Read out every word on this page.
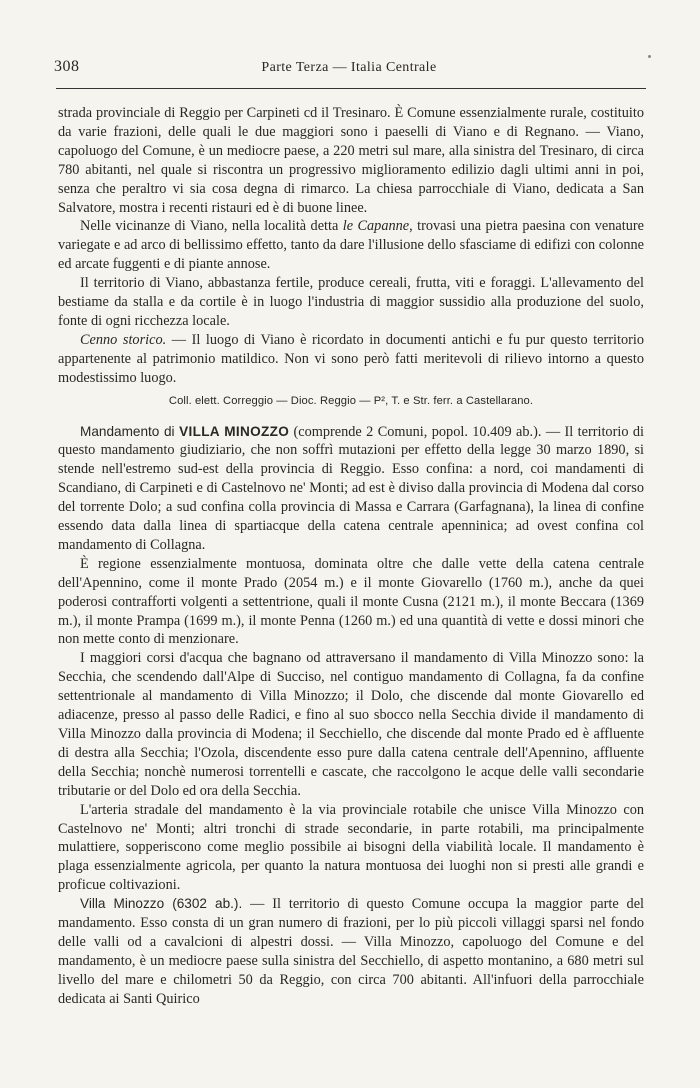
308	Parte Terza — Italia Centrale

strada provinciale di Reggio per Carpineti cd il Tresinaro. È Comune essenzialmente rurale, costituito da varie frazioni, delle quali le due maggiori sono i paeselli di Viano e di Regnano. — Viano, capoluogo del Comune, è un mediocre paese, a 220 metri sul mare, alla sinistra del Tresinaro, di circa 780 abitanti, nel quale si riscontra un progressivo miglioramento edilizio dagli ultimi anni in poi, senza che peraltro vi sia cosa degna di rimarco. La chiesa parrocchiale di Viano, dedicata a San Salvatore, mostra i recenti ristauri ed è di buone linee.

Nelle vicinanze di Viano, nella località detta le Capanne, trovasi una pietra paesina con venature variegate e ad arco di bellissimo effetto, tanto da dare l'illusione dello sfasciame di edifizi con colonne ed arcate fuggenti e di piante annose.

Il territorio di Viano, abbastanza fertile, produce cereali, frutta, viti e foraggi. L'allevamento del bestiame da stalla e da cortile è in luogo l'industria di maggior sussidio alla produzione del suolo, fonte di ogni ricchezza locale.

Cenno storico. — Il luogo di Viano è ricordato in documenti antichi e fu pur questo territorio appartenente al patrimonio matildico. Non vi sono però fatti meritevoli di rilievo intorno a questo modestissimo luogo.

Coll. elett. Correggio — Dioc. Reggio — P², T. e Str. ferr. a Castellarano.

Mandamento di VILLA MINOZZO (comprende 2 Comuni, popol. 10.409 ab.). — Il territorio di questo mandamento giudiziario, che non soffrì mutazioni per effetto della legge 30 marzo 1890, si stende nell'estremo sud-est della provincia di Reggio. Esso confina: a nord, coi mandamenti di Scandiano, di Carpineti e di Castelnovo ne' Monti; ad est è diviso dalla provincia di Modena dal corso del torrente Dolo; a sud confina colla provincia di Massa e Carrara (Garfagnana), la linea di confine essendo data dalla linea di spartiacque della catena centrale apenninica; ad ovest confina col mandamento di Collagna.

È regione essenzialmente montuosa, dominata oltre che dalle vette della catena centrale dell'Apennino, come il monte Prado (2054 m.) e il monte Giovarello (1760 m.), anche da quei poderosi contrafforti volgenti a settentrione, quali il monte Cusna (2121 m.), il monte Beccara (1369 m.), il monte Prampa (1699 m.), il monte Penna (1260 m.) ed una quantità di vette e dossi minori che non mette conto di menzionare.

I maggiori corsi d'acqua che bagnano od attraversano il mandamento di Villa Minozzo sono: la Secchia, che scendendo dall'Alpe di Succiso, nel contiguo mandamento di Collagna, fa da confine settentrionale al mandamento di Villa Minozzo; il Dolo, che discende dal monte Giovarello ed adiacenze, presso al passo delle Radici, e fino al suo sbocco nella Secchia divide il mandamento di Villa Minozzo dalla provincia di Modena; il Secchiello, che discende dal monte Prado ed è affluente di destra alla Secchia; l'Ozola, discendente esso pure dalla catena centrale dell'Apennino, affluente della Secchia; nonchè numerosi torrentelli e cascate, che raccolgono le acque delle valli secondarie tributarie or del Dolo ed ora della Secchia.

L'arteria stradale del mandamento è la via provinciale rotabile che unisce Villa Minozzo con Castelnovo ne' Monti; altri tronchi di strade secondarie, in parte rotabili, ma principalmente mulattiere, sopperiscono come meglio possibile ai bisogni della viabilità locale. Il mandamento è plaga essenzialmente agricola, per quanto la natura montuosa dei luoghi non si presti alle grandi e proficue coltivazioni.

Villa Minozzo (6302 ab.). — Il territorio di questo Comune occupa la maggior parte del mandamento. Esso consta di un gran numero di frazioni, per lo più piccoli villaggi sparsi nel fondo delle valli od a cavalcioni di alpestri dossi. — Villa Minozzo, capoluogo del Comune e del mandamento, è un mediocre paese sulla sinistra del Secchiello, di aspetto montanino, a 680 metri sul livello del mare e chilometri 50 da Reggio, con circa 700 abitanti. All'infuori della parrocchiale dedicata ai Santi Quirico
